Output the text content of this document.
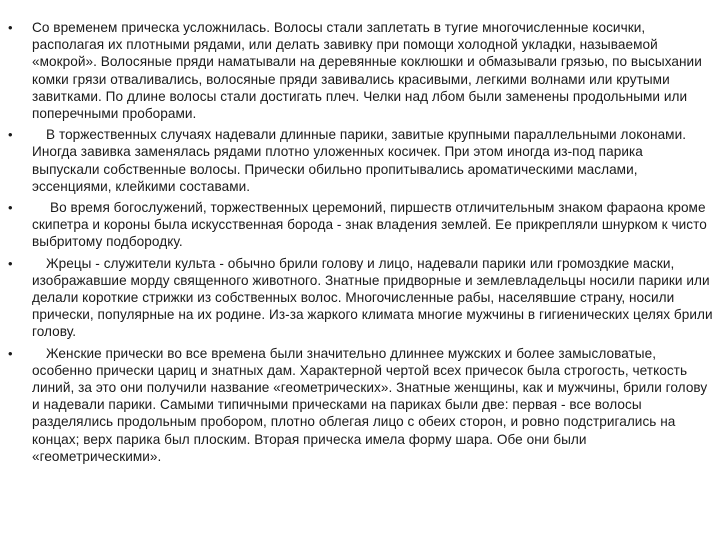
• Со временем прическа усложнилась. Волосы стали заплетать в тугие многочисленные косички, располагая их плотными рядами, или делать завивку при помощи холодной укладки, называемой «мокрой». Волосяные пряди наматывали на деревянные коклюшки и обмазывали грязью, по высыхании комки грязи отваливались, волосяные пряди завивались красивыми, легкими волнами или крутыми завитками. По длине волосы стали достигать плеч. Челки над лбом были заменены продольными или поперечными проборами.
•	В торжественных случаях надевали длинные парики, завитые крупными параллельными локонами. Иногда завивка заменялась рядами плотно уложенных косичек. При этом иногда из-под парика выпускали собственные волосы. Прически обильно пропитывались ароматическими маслами, эссенциями, клейкими составами.
•	Во время богослужений, торжественных церемоний, пиршеств отличительным знаком фараона кроме скипетра и короны была искусственная борода - знак владения землей. Ее прикрепляли шнурком к чисто выбритому подбородку.
•	Жрецы - служители культа - обычно брили голову и лицо, надевали парики или громоздкие маски, изображавшие морду священного животного. Знатные придворные и землевладельцы носили парики или делали короткие стрижки из собственных волос. Многочисленные рабы, населявшие страну, носили прически, популярные на их родине. Из-за жаркого климата многие мужчины в гигиенических целях брили голову.
•	Женские прически во все времена были значительно длиннее мужских и более замысловатые, особенно прически цариц и знатных дам. Характерной чертой всех причесок была строгость, четкость линий, за это они получили название «геометрических». Знатные женщины, как и мужчины, брили голову и надевали парики. Самыми типичными прическами на париках были две: первая - все волосы разделялись продольным пробором, плотно облегая лицо с обеих сторон, и ровно подстригались на концах; верх парика был плоским. Вторая прическа имела форму шара. Обе они были «геометрическими».
